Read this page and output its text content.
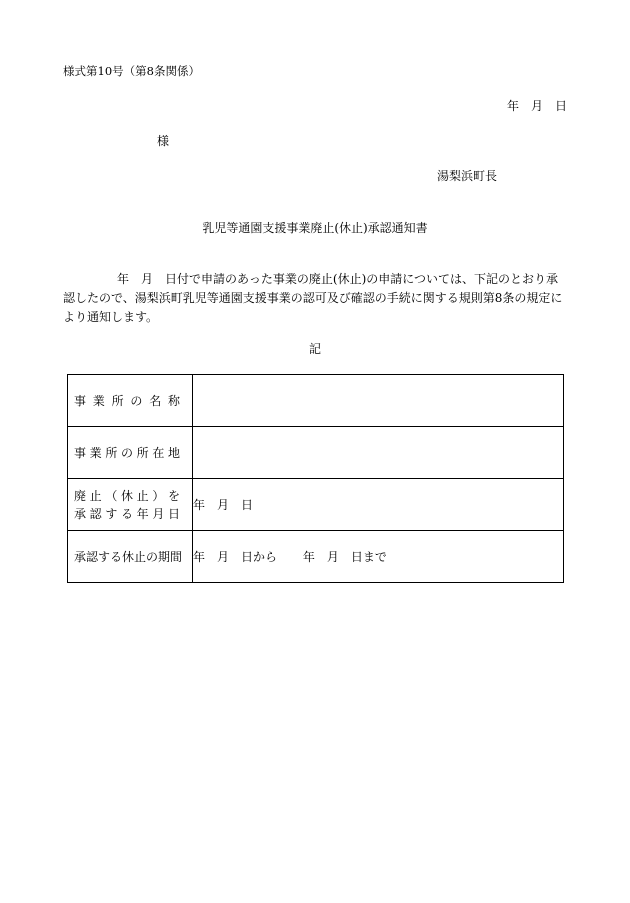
様式第10号（第8条関係）
年　月　日
様
湯梨浜町長
乳児等通園支援事業廃止(休止)承認通知書
年　月　日付で申請のあった事業の廃止(休止)の申請については、下記のとおり承認したので、湯梨浜町乳児等通園支援事業の認可及び確認の手続に関する規則第8条の規定により通知します。
記
事業所の名称	

事業所の所在地	

廃止（休止）を
承認する年月日	年　月　日

承認する休止の期間	年　月　日から 年　月　日まで
